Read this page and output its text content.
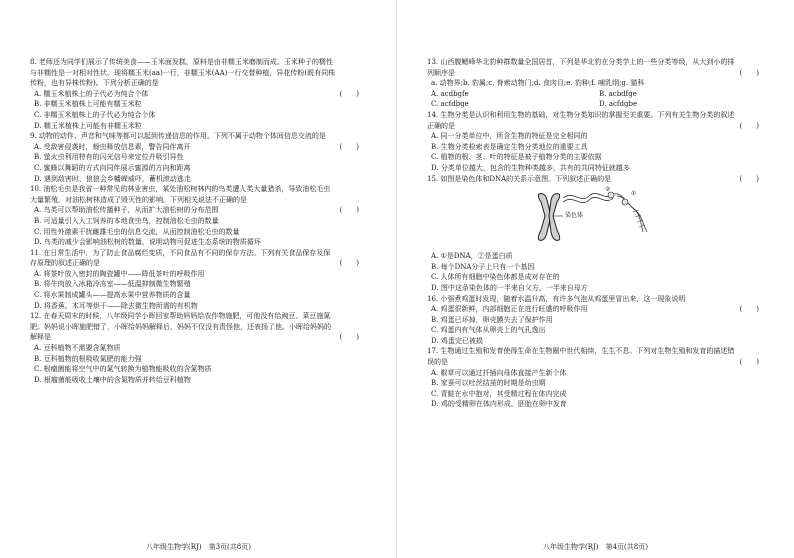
8. 老师还为同学们展示了传统美食——玉米面发糕，原料是由非糯玉米磨制而成。玉米种子的糯性与非糯性是一对相对性状。现将糯玉米(aa)一行，非糯玉米(AA)一行交替种植，异花传粉(既有同株传粉，也有异株传粉)。下列分析正确的是

(　　)

A. 糯玉米植株上的子代必为纯合个体

B. 非糯玉米植株上可能有糯玉米粒

C. 非糯玉米植株上的子代必为纯合个体

D. 糯玉米植株上可能有非糯玉米粒

9. 动物的动作、声音和气味等都可以起到传递信息的作用。下列不属于动物个体间信息交流的是

(　　)

A. 受敌害侵袭时，蚜虫释放信息素，警告同伴离开

B. 萤火虫利用特有的闪光信号来定位并吸引异性

C. 蜜蜂以舞蹈的方式向同伴展示蜜源的方向和距离

D. 遇到敌害时，狼狼会乡幡嵘威吓，蓄机滚动逃走

10. 油松毛虫是我省一种常见的林业害虫，某处油松树林内的鸟类遭人类大量猎杀，导致油松毛虫大量繁殖，对油松树林造成了毁灭性的影响。下列相关说法不正确的是

(　　)

A. 鸟类可以帮助油松传播种子，从而扩大油松树的分布范围

B. 可适量引入人工饲养的本地食虫鸟，控制油松毛虫的数量

C. 用性外激素干扰雌雄毛虫的信息交流，从而控制油松毛虫的数量

D. 鸟类的减少会影响油松树的数量，说明动物可促进生态系统的物质循环

11. 在日常生活中，为了防止食品腐烂变质，不同食品有不同的保存方法。下列有关食品保存及保存原理的叙述正确的是	(　　)

A. 将茶叶放入密封的陶瓷罐中——降低茶叶的呼吸作用

B. 将牛肉放入冰箱冷冻室——低温抑制微生物繁殖

C. 将水果制成罐头——提高水果中营养物质的含量

D. 将香蕉、木耳等烘干——除去微生物所需的有机物

12. 在春天周末的时候，八年级同学小晖回家帮助妈妈给农作物施肥，可他没有给豌豆、菜豆施氮肥。妈妈说小晖施肥错了，小晖给妈妈解释后，妈妈不仅没有责怪他，还表扬了他。小晖给妈妈的解释是	(　　)

A. 豆科植物不需要含氮物质

B. 豆科植物的根吸收氮肥的能力强

C. 根瘤菌能将空气中的氮气转换为植物能吸收的含氮物质

D. 根瘤菌能吸收土壤中的含氮物质并转给豆科植物

八年级生物学(RJ)　第3页(共8页)

13. 山西腹鳃峰华北豹种群数量全国居首，下列是华北豹在分类学上的一些分类等级，从大到小的排列顺序是	(　　)

a. 动物界;b. 豹属;c. 脊索动物门;d. 食肉目;e. 豹种;f. 哺乳纲;g. 猫科

A. acdbgfe	B. acbdfge

C. acfdbge	D. acfdgbe

14. 生物分类是认识和利用生物的基础，对生物分类知识的掌握至关重要。下列有关生物分类的叙述正确的是	(　　)

A. 同一分类单位中，所含生物的特征是完全相同的

B. 生物分类检索表是确定生物分类地位的重要工具

C. 植物的根、茎、叶的特征是被子植物分类的主要依据

D. 分类单位越大，包含的生物种类越多，共有的共同特征就越多

15. 如图是染色体和DNA的关系示意图。下列叙述正确的是	(　　)
染色体
①
②

A. ①是DNA，②是蛋白质

B. 每个DNA分子上只有一个基因

C. 人体所有细胞中染色体都是成对存在的

D. 图中这条染色体的一半来自父方，一半来自母方

16. 小强煮鸡蛋时发现，随着水温升高，有许多气泡从鸡蛋里冒出来，这一现象说明

(　　)

A. 鸡蛋很新鲜，内部细胞正在进行旺盛的呼吸作用

B. 鸡蛋已坏掉，卵壳膜失去了保护作用

C. 鸡蛋内有气体从卵壳上的气孔逸出

D. 鸡蛋完已被损

17. 生物通过生殖和发育使得生命在生物圈中世代相续，生生不息。下列对生物生殖和发育的描述错误的是	(　　)

A. 椒草可以通过扦插向母体直接产生新个体

B. 家蚕可以吐丝结茧的时期是幼虫期

C. 青蛙在水中抱对，其受精过程在体内完成

D. 鸡的受精卵在体内形成，胚胎在卵中发育

八年级生物学(RJ)　第4页(共8页)
